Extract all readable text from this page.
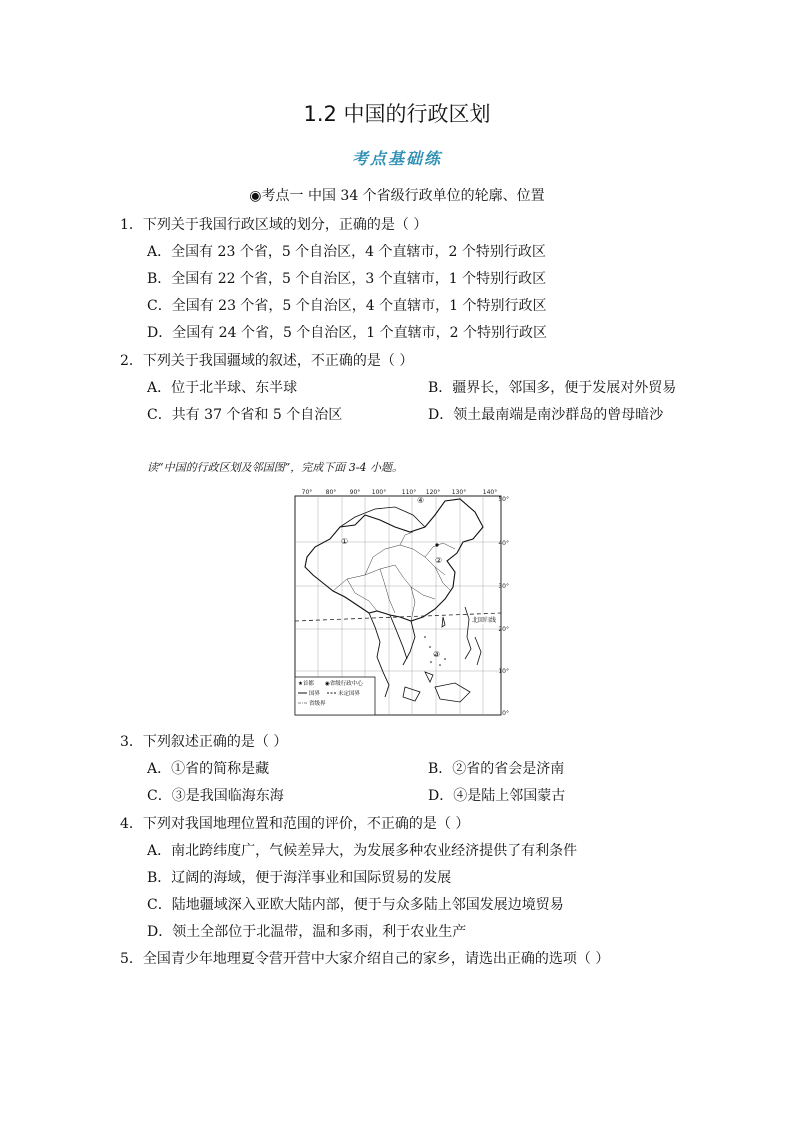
1.2 中国的行政区划
考点基础练
◉考点一 中国 34 个省级行政单位的轮廓、位置
1．下列关于我国行政区域的划分，正确的是（ ）
A．全国有 23 个省，5 个自治区，4 个直辖市，2 个特别行政区
B．全国有 22 个省，5 个自治区，3 个直辖市，1 个特别行政区
C．全国有 23 个省，5 个自治区，4 个直辖市，1 个特别行政区
D．全国有 24 个省，5 个自治区，1 个直辖市，2 个特别行政区
2．下列关于我国疆域的叙述，不正确的是（ ）
A．位于北半球、东半球	B．疆界长，邻国多，便于发展对外贸易
C．共有 37 个省和 5 个自治区	D．领土最南端是南沙群岛的曾母暗沙
读“中国的行政区划及邻国图”，完成下面 3-4 小题。
北回归线
70° 80° 90° 100°	110° 120° 130°	140°
50°
40°
30°
20°
10°
0°
④
①
③
②
★首都 ◉省级行政中心
国界	未定国界
省级界
3．下列叙述正确的是（ ）
A．①省的简称是藏	B．②省的省会是济南
C．③是我国临海东海	D．④是陆上邻国蒙古
4．下列对我国地理位置和范围的评价，不正确的是（ ）
A．南北跨纬度广，气候差异大，为发展多种农业经济提供了有利条件
B．辽阔的海域，便于海洋事业和国际贸易的发展
C．陆地疆域深入亚欧大陆内部，便于与众多陆上邻国发展边境贸易
D．领土全部位于北温带，温和多雨，利于农业生产
5．全国青少年地理夏令营开营中大家介绍自己的家乡，请选出正确的选项（ ）
